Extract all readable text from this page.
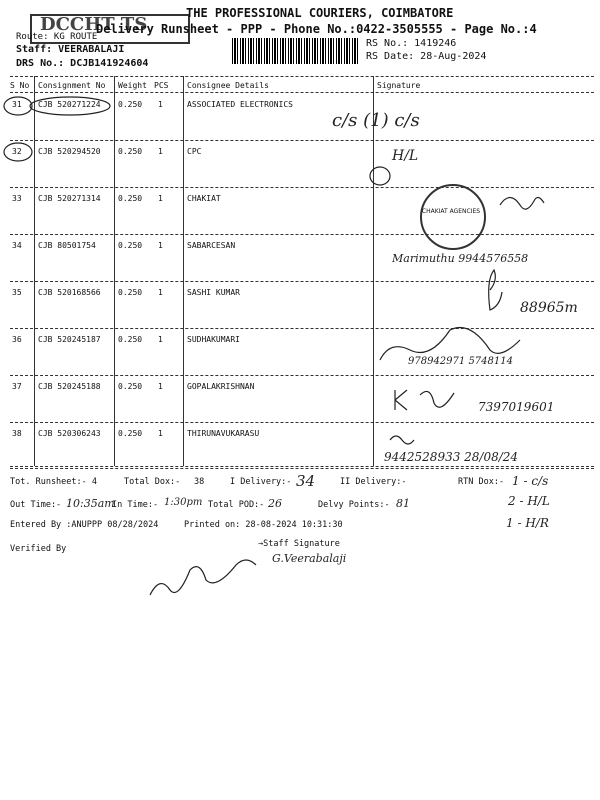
DCCHT TS
THE PROFESSIONAL COURIERS, COIMBATORE
Delivery Runsheet - PPP - Phone No.:0422-3505555 - Page No.:4
Route: KG ROUTE
Staff: VEERABALAJI
DRS No.: DCJB141924604
RS No.: 1419246
RS Date: 28-Aug-2024
S No Consignment No Weight PCS Consignee Details	Signature
31 CJB 520271224 0.250 1	ASSOCIATED ELECTRONICS
c/s (1) c/s
32 CJB 520294520 0.250 1	CPC	H/L
33 CJB 520271314 0.250 1	CHAKIAT
CHAKIAT AGENCIES
34 CJB 80501754	0.250 1	SABARCESAN
Marimuthu 9944576558
35 CJB 520168566 0.250 1	SASHI KUMAR
88965m
36 CJB 520245187 0.250 1	SUDHAKUMARI
978942971 5748114
37 CJB 520245188 0.250 1	GOPALAKRISHNAN
7397019601
38 CJB 520306243 0.250 1	THIRUNAVUKARASU
9442528933 28/08/24
Tot. Runsheet:- 4	Total Dox:- 38	I Delivery:- 34	II Delivery:-	RTN Dox:- 1 - c/s
Out Time:- 10:35am
In Time:- 1:30pm Total POD:- 26	Delvy Points:- 81	2 - H/L
Entered By :ANUPPP 08/28/2024	Printed on: 28-08-2024 10:31:30	1 - H/R
Verified By	→Staff Signature
G.Veerabalaji
